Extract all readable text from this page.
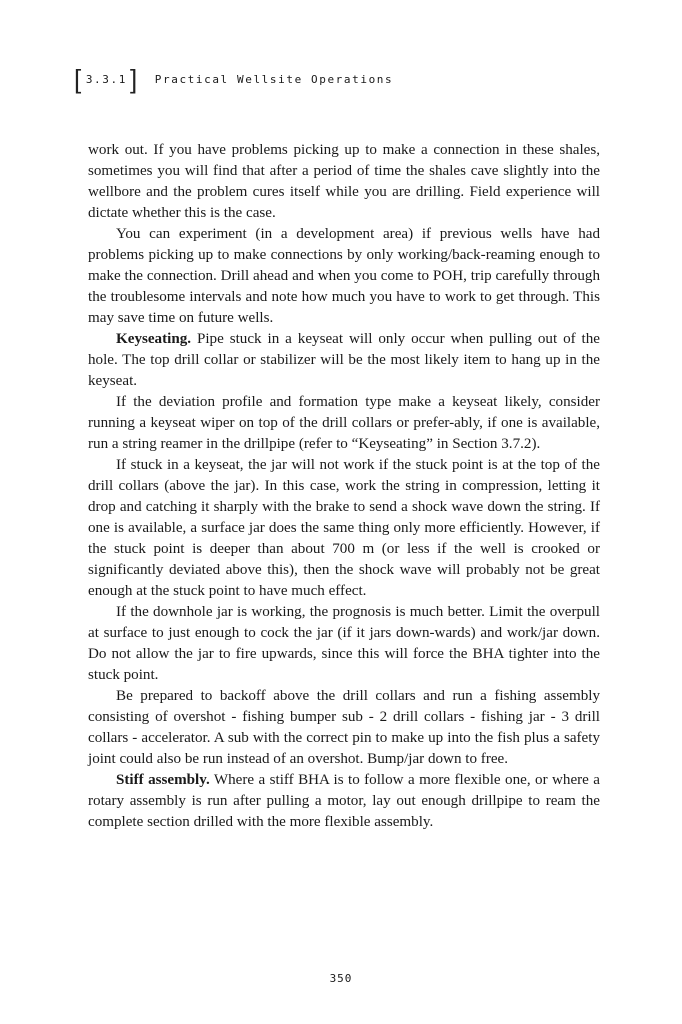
[ 3.3.1 ] Practical Wellsite Operations

work out. If you have problems picking up to make a connection in these shales, sometimes you will find that after a period of time the shales cave slightly into the wellbore and the problem cures itself while you are drilling. Field experience will dictate whether this is the case.

You can experiment (in a development area) if previous wells have had problems picking up to make connections by only working/back-reaming enough to make the connection. Drill ahead and when you come to POH, trip carefully through the troublesome intervals and note how much you have to work to get through. This may save time on future wells.

Keyseating. Pipe stuck in a keyseat will only occur when pulling out of the hole. The top drill collar or stabilizer will be the most likely item to hang up in the keyseat.

If the deviation profile and formation type make a keyseat likely, consider running a keyseat wiper on top of the drill collars or prefer-ably, if one is available, run a string reamer in the drillpipe (refer to “Keyseating” in Section 3.7.2).

If stuck in a keyseat, the jar will not work if the stuck point is at the top of the drill collars (above the jar). In this case, work the string in compression, letting it drop and catching it sharply with the brake to send a shock wave down the string. If one is available, a surface jar does the same thing only more efficiently. However, if the stuck point is deeper than about 700 m (or less if the well is crooked or significantly deviated above this), then the shock wave will probably not be great enough at the stuck point to have much effect.

If the downhole jar is working, the prognosis is much better. Limit the overpull at surface to just enough to cock the jar (if it jars down-wards) and work/jar down. Do not allow the jar to fire upwards, since this will force the BHA tighter into the stuck point.

Be prepared to backoff above the drill collars and run a fishing assembly consisting of overshot - fishing bumper sub - 2 drill collars - fishing jar - 3 drill collars - accelerator. A sub with the correct pin to make up into the fish plus a safety joint could also be run instead of an overshot. Bump/jar down to free.

Stiff assembly. Where a stiff BHA is to follow a more flexible one, or where a rotary assembly is run after pulling a motor, lay out enough drillpipe to ream the complete section drilled with the more flexible assembly.

350
